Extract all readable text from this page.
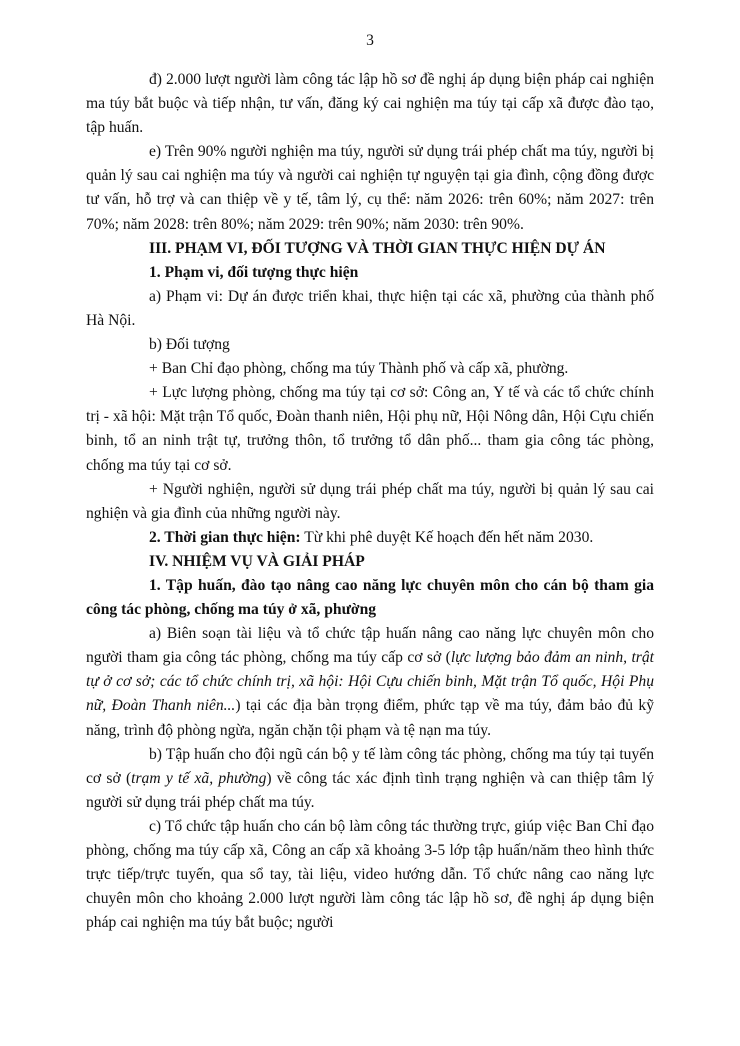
3

đ) 2.000 lượt người làm công tác lập hồ sơ đề nghị áp dụng biện pháp cai nghiện ma túy bắt buộc và tiếp nhận, tư vấn, đăng ký cai nghiện ma túy tại cấp xã được đào tạo, tập huấn.

e) Trên 90% người nghiện ma túy, người sử dụng trái phép chất ma túy, người bị quản lý sau cai nghiện ma túy và người cai nghiện tự nguyện tại gia đình, cộng đồng được tư vấn, hỗ trợ và can thiệp về y tế, tâm lý, cụ thể: năm 2026: trên 60%; năm 2027: trên 70%; năm 2028: trên 80%; năm 2029: trên 90%; năm 2030: trên 90%.

III. PHẠM VI, ĐỐI TƯỢNG VÀ THỜI GIAN THỰC HIỆN DỰ ÁN

1. Phạm vi, đối tượng thực hiện

a) Phạm vi: Dự án được triển khai, thực hiện tại các xã, phường của thành phố Hà Nội.

b) Đối tượng

+ Ban Chỉ đạo phòng, chống ma túy Thành phố và cấp xã, phường.

+ Lực lượng phòng, chống ma túy tại cơ sở: Công an, Y tế và các tổ chức chính trị - xã hội: Mặt trận Tổ quốc, Đoàn thanh niên, Hội phụ nữ, Hội Nông dân, Hội Cựu chiến binh, tổ an ninh trật tự, trưởng thôn, tổ trưởng tổ dân phố... tham gia công tác phòng, chống ma túy tại cơ sở.

+ Người nghiện, người sử dụng trái phép chất ma túy, người bị quản lý sau cai nghiện và gia đình của những người này.

2. Thời gian thực hiện: Từ khi phê duyệt Kế hoạch đến hết năm 2030.

IV. NHIỆM VỤ VÀ GIẢI PHÁP

1. Tập huấn, đào tạo nâng cao năng lực chuyên môn cho cán bộ tham gia công tác phòng, chống ma túy ở xã, phường

a) Biên soạn tài liệu và tổ chức tập huấn nâng cao năng lực chuyên môn cho người tham gia công tác phòng, chống ma túy cấp cơ sở (lực lượng bảo đảm an ninh, trật tự ở cơ sở; các tổ chức chính trị, xã hội: Hội Cựu chiến binh, Mặt trận Tổ quốc, Hội Phụ nữ, Đoàn Thanh niên...) tại các địa bàn trọng điểm, phức tạp về ma túy, đảm bảo đủ kỹ năng, trình độ phòng ngừa, ngăn chặn tội phạm và tệ nạn ma túy.

b) Tập huấn cho đội ngũ cán bộ y tế làm công tác phòng, chống ma túy tại tuyến cơ sở (trạm y tế xã, phường) về công tác xác định tình trạng nghiện và can thiệp tâm lý người sử dụng trái phép chất ma túy.

c) Tổ chức tập huấn cho cán bộ làm công tác thường trực, giúp việc Ban Chỉ đạo phòng, chống ma túy cấp xã, Công an cấp xã khoảng 3-5 lớp tập huấn/năm theo hình thức trực tiếp/trực tuyến, qua sổ tay, tài liệu, video hướng dẫn. Tổ chức nâng cao năng lực chuyên môn cho khoảng 2.000 lượt người làm công tác lập hồ sơ, đề nghị áp dụng biện pháp cai nghiện ma túy bắt buộc; người
